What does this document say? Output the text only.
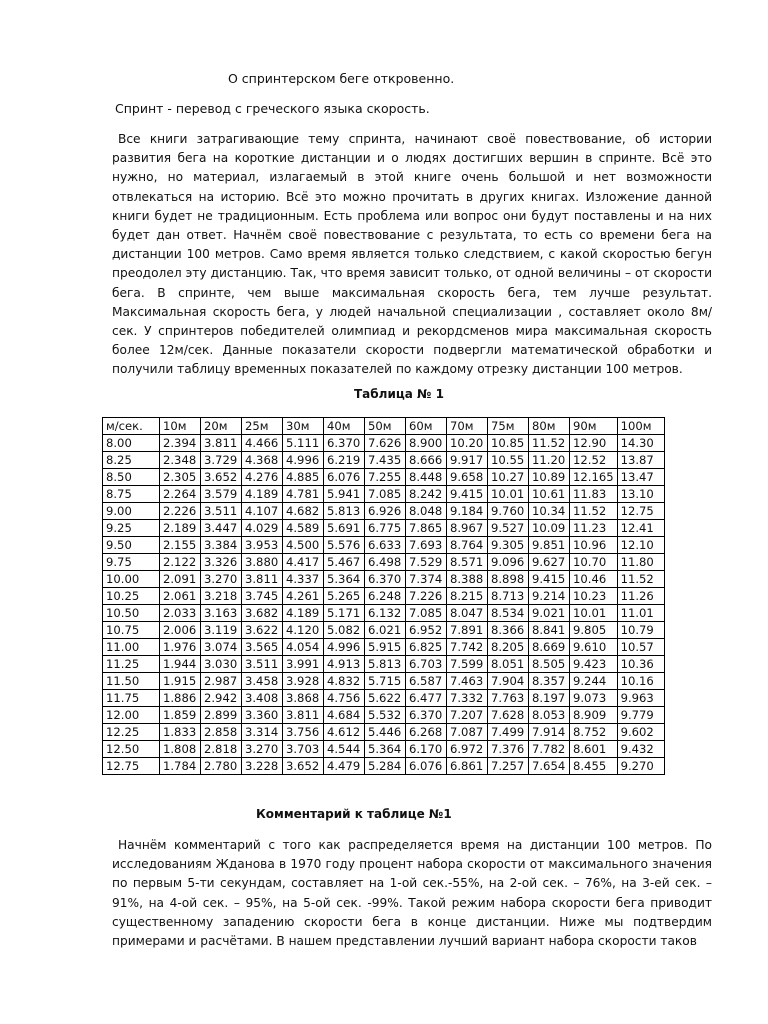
О спринтерском беге откровенно.
Спринт - перевод с греческого языка скорость.

Все книги затрагивающие тему спринта, начинают своё повествование, об истории развития бега на короткие дистанции и о людях достигших вершин в спринте. Всё это нужно, но материал, излагаемый в этой книге очень большой и нет возможности отвлекаться на историю. Всё это можно прочитать в других книгах. Изложение данной книги будет не традиционным. Есть проблема или вопрос они будут поставлены и на них будет дан ответ. Начнём своё повествование с результата, то есть со времени бега на дистанции 100 метров. Само время является только следствием, с какой скоростью бегун преодолел эту дистанцию. Так, что время зависит только, от одной величины – от скорости бега. В спринте, чем выше максимальная скорость бега, тем лучше результат. Максимальная скорость бега, у людей начальной специализации , составляет около 8м/сек. У спринтеров победителей олимпиад и рекордсменов мира максимальная скорость более 12м/сек. Данные показатели скорости подвергли математической обработки и получили таблицу временных показателей по каждому отрезку дистанции 100 метров.

Таблица № 1
м/сек.	10м	20м	25м	30м	40м	50м	60м	70м	75м	80м	90м	100м
8.00	2.394	3.811	4.466	5.111	6.370	7.626	8.900	10.20	10.85	11.52	12.90	14.30
8.25	2.348	3.729	4.368	4.996	6.219	7.435	8.666	9.917	10.55	11.20	12.52	13.87
8.50	2.305	3.652	4.276	4.885	6.076	7.255	8.448	9.658	10.27	10.89	12.165	13.47
8.75	2.264	3.579	4.189	4.781	5.941	7.085	8.242	9.415	10.01	10.61	11.83	13.10
9.00	2.226	3.511	4.107	4.682	5.813	6.926	8.048	9.184	9.760	10.34	11.52	12.75
9.25	2.189	3.447	4.029	4.589	5.691	6.775	7.865	8.967	9.527	10.09	11.23	12.41
9.50	2.155	3.384	3.953	4.500	5.576	6.633	7.693	8.764	9.305	9.851	10.96	12.10
9.75	2.122	3.326	3.880	4.417	5.467	6.498	7.529	8.571	9.096	9.627	10.70	11.80
10.00	2.091	3.270	3.811	4.337	5.364	6.370	7.374	8.388	8.898	9.415	10.46	11.52
10.25	2.061	3.218	3.745	4.261	5.265	6.248	7.226	8.215	8.713	9.214	10.23	11.26
10.50	2.033	3.163	3.682	4.189	5.171	6.132	7.085	8.047	8.534	9.021	10.01	11.01
10.75	2.006	3.119	3.622	4.120	5.082	6.021	6.952	7.891	8.366	8.841	9.805	10.79
11.00	1.976	3.074	3.565	4.054	4.996	5.915	6.825	7.742	8.205	8.669	9.610	10.57
11.25	1.944	3.030	3.511	3.991	4.913	5.813	6.703	7.599	8.051	8.505	9.423	10.36
11.50	1.915	2.987	3.458	3.928	4.832	5.715	6.587	7.463	7.904	8.357	9.244	10.16
11.75	1.886	2.942	3.408	3.868	4.756	5.622	6.477	7.332	7.763	8.197	9.073	9.963
12.00	1.859	2.899	3.360	3.811	4.684	5.532	6.370	7.207	7.628	8.053	8.909	9.779
12.25	1.833	2.858	3.314	3.756	4.612	5.446	6.268	7.087	7.499	7.914	8.752	9.602
12.50	1.808	2.818	3.270	3.703	4.544	5.364	6.170	6.972	7.376	7.782	8.601	9.432
12.75	1.784	2.780	3.228	3.652	4.479	5.284	6.076	6.861	7.257	7.654	8.455	9.270
Комментарий к таблице №1

Начнём комментарий с того как распределяется время на дистанции 100 метров. По исследованиям Жданова в 1970 году процент набора скорости от максимального значения по первым 5-ти секундам, составляет на 1-ой сек.-55%, на 2-ой сек. – 76%, на 3-ей сек. – 91%, на 4-ой сек. – 95%, на 5-ой сек. -99%. Такой режим набора скорости бега приводит существенному западению скорости бега в конце дистанции. Ниже мы подтвердим примерами и расчётами. В нашем представлении лучший вариант набора скорости таков
